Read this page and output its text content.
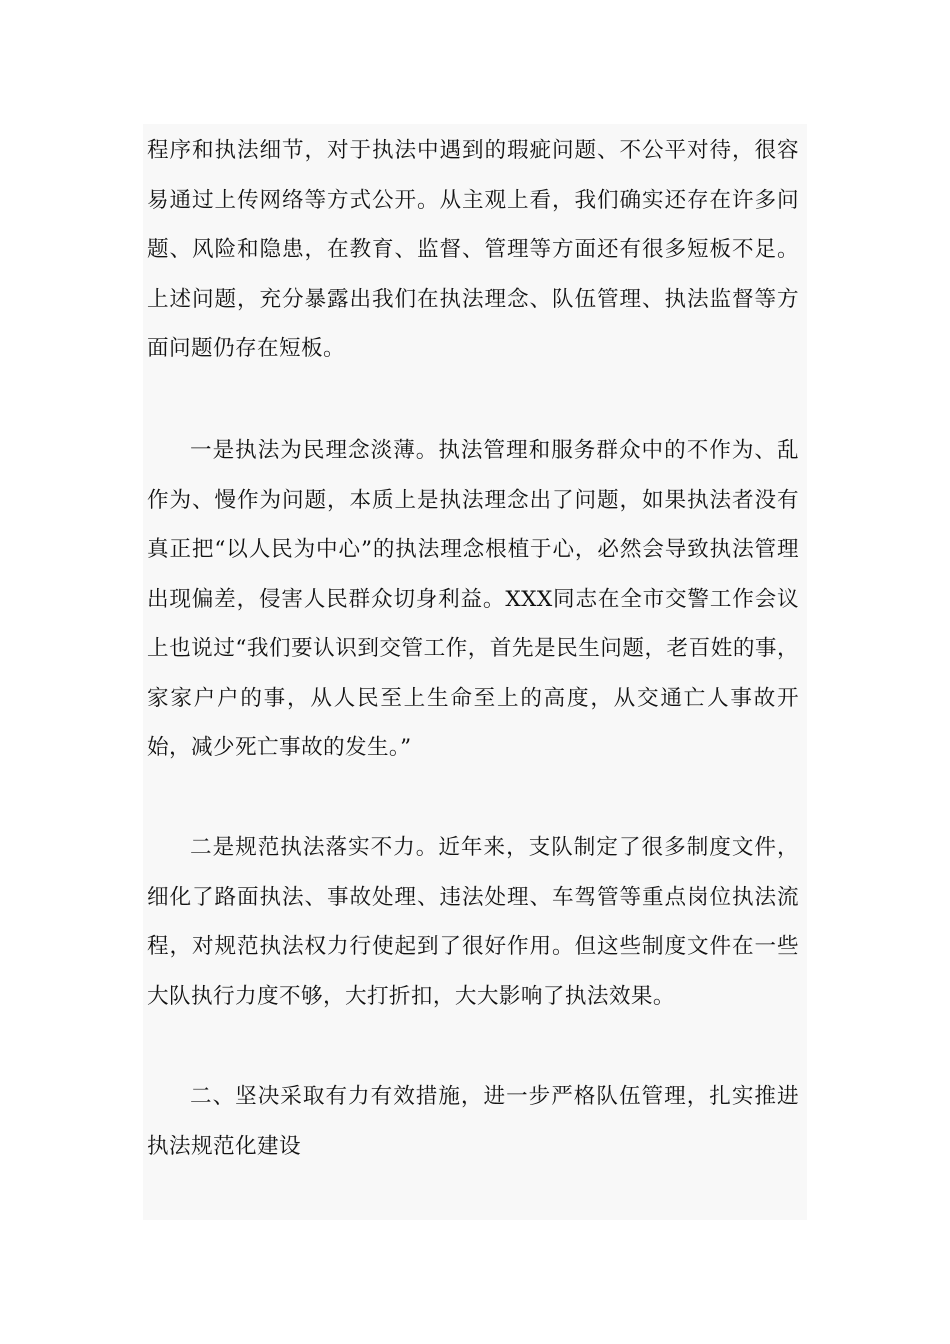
程序和执法细节，对于执法中遇到的瑕疵问题、不公平对待，很容易通过上传网络等方式公开。从主观上看，我们确实还存在许多问题、风险和隐患，在教育、监督、管理等方面还有很多短板不足。上述问题，充分暴露出我们在执法理念、队伍管理、执法监督等方面问题仍存在短板。

一是执法为民理念淡薄。执法管理和服务群众中的不作为、乱作为、慢作为问题，本质上是执法理念出了问题，如果执法者没有真正把“以人民为中心”的执法理念根植于心，必然会导致执法管理出现偏差，侵害人民群众切身利益。XXX同志在全市交警工作会议上也说过“我们要认识到交管工作，首先是民生问题，老百姓的事，家家户户的事，从人民至上生命至上的高度，从交通亡人事故开始，减少死亡事故的发生。”

二是规范执法落实不力。近年来，支队制定了很多制度文件，细化了路面执法、事故处理、违法处理、车驾管等重点岗位执法流程，对规范执法权力行使起到了很好作用。但这些制度文件在一些大队执行力度不够，大打折扣，大大影响了执法效果。

二、坚决采取有力有效措施，进一步严格队伍管理，扎实推进执法规范化建设
